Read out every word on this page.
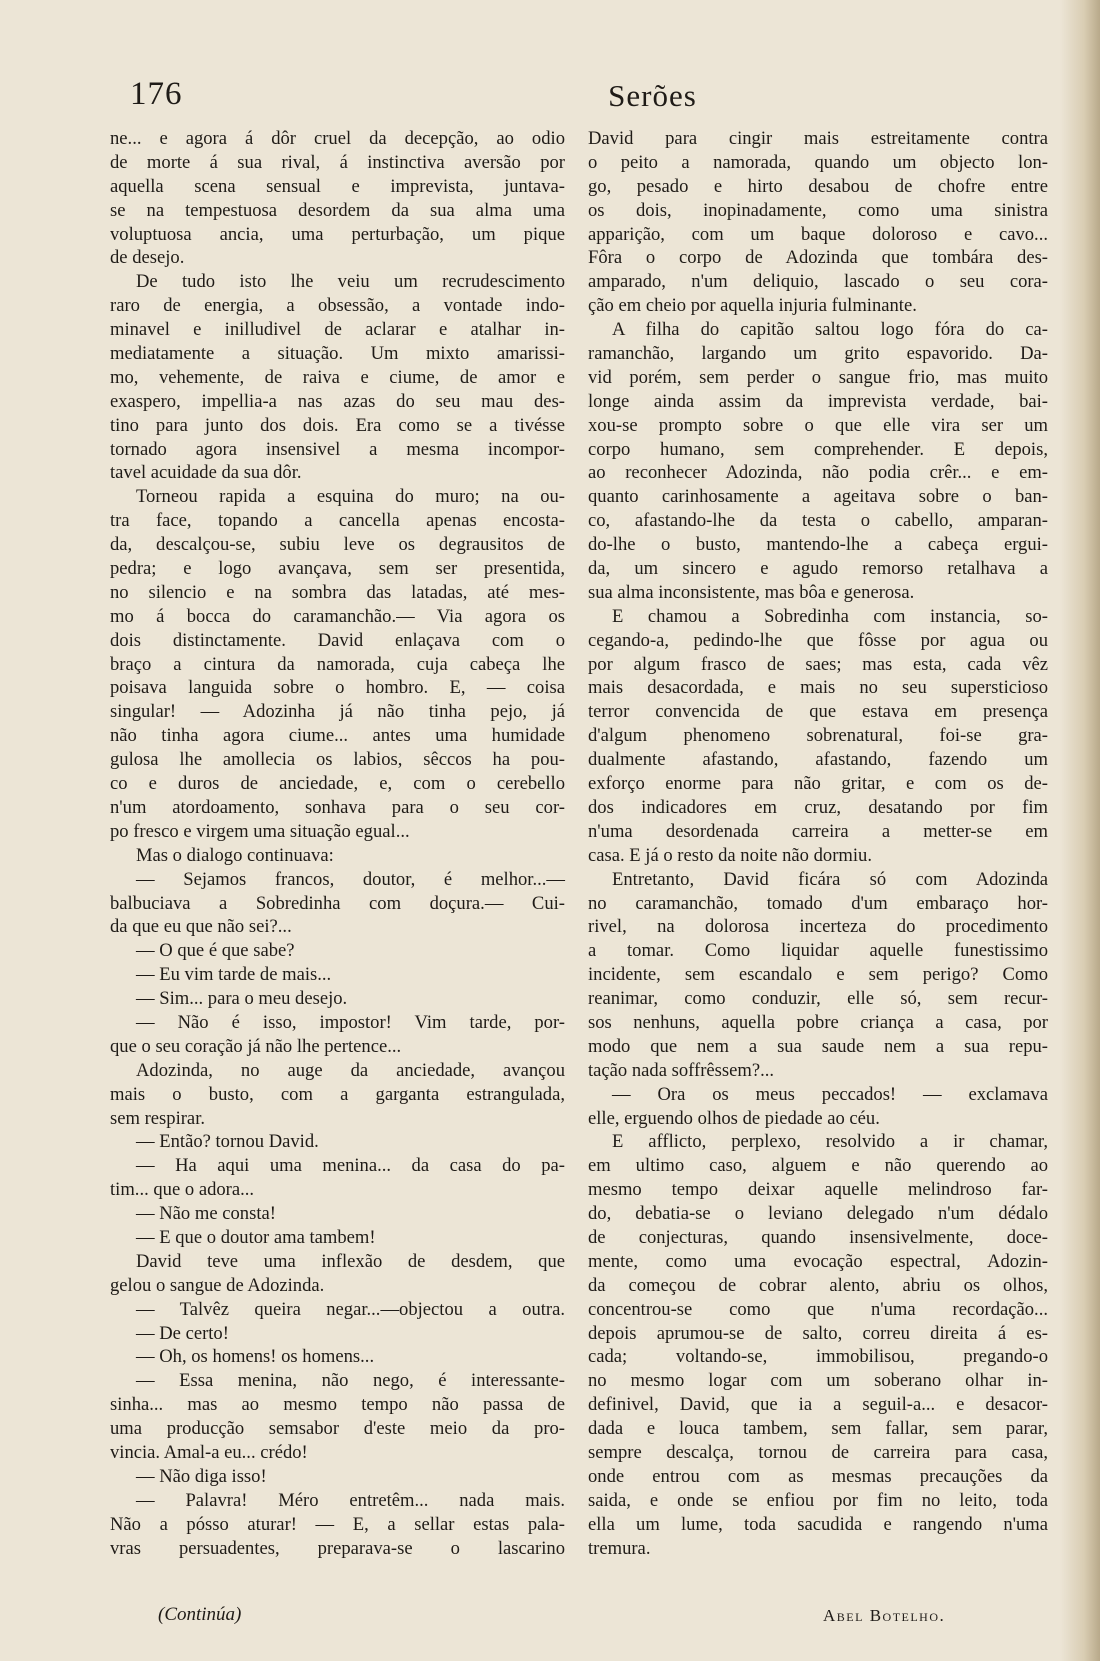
176	Serões
ne... e agora á dôr cruel da decepção, ao odio
de morte á sua rival, á instinctiva aversão por
aquella scena sensual e imprevista, juntava-
se na tempestuosa desordem da sua alma uma
voluptuosa ancia, uma perturbação, um pique
de desejo.
De tudo isto lhe veiu um recrudescimento
raro de energia, a obsessão, a vontade indo-
minavel e inilludivel de aclarar e atalhar in-
mediatamente a situação. Um mixto amarissi-
mo, vehemente, de raiva e ciume, de amor e
exaspero, impellia-a nas azas do seu mau des-
tino para junto dos dois. Era como se a tivésse
tornado agora insensivel a mesma incompor-
tavel acuidade da sua dôr.
Torneou rapida a esquina do muro; na ou-
tra face, topando a cancella apenas encosta-
da, descalçou-se, subiu leve os degrausitos de
pedra; e logo avançava, sem ser presentida,
no silencio e na sombra das latadas, até mes-
mo á bocca do caramanchão.— Via agora os
dois distinctamente. David enlaçava com o
braço a cintura da namorada, cuja cabeça lhe
poisava languida sobre o hombro. E, — coisa
singular! — Adozinha já não tinha pejo, já
não tinha agora ciume... antes uma humidade
gulosa lhe amollecia os labios, sêccos ha pou-
co e duros de anciedade, e, com o cerebello
n'um atordoamento, sonhava para o seu cor-
po fresco e virgem uma situação egual...
Mas o dialogo continuava:
— Sejamos francos, doutor, é melhor...—
balbuciava a Sobredinha com doçura.— Cui-
da que eu que não sei?...
— O que é que sabe?
— Eu vim tarde de mais...
— Sim... para o meu desejo.
— Não é isso, impostor! Vim tarde, por-
que o seu coração já não lhe pertence...
Adozinda, no auge da anciedade, avançou
mais o busto, com a garganta estrangulada,
sem respirar.
— Então? tornou David.
— Ha aqui uma menina... da casa do pa-
tim... que o adora...
— Não me consta!
— E que o doutor ama tambem!
David teve uma inflexão de desdem, que
gelou o sangue de Adozinda.
— Talvêz queira negar...—objectou a outra.
— De certo!
— Oh, os homens! os homens...
— Essa menina, não nego, é interessante-
sinha... mas ao mesmo tempo não passa de
uma producção semsabor d'este meio da pro-
vincia. Amal-a eu... crédo!
— Não diga isso!
— Palavra! Méro entretêm... nada mais.
Não a pósso aturar! — E, a sellar estas pala-
vras persuadentes, preparava-se o lascarino
David para cingir mais estreitamente contra
o peito a namorada, quando um objecto lon-
go, pesado e hirto desabou de chofre entre
os dois, inopinadamente, como uma sinistra
apparição, com um baque doloroso e cavo...
Fôra o corpo de Adozinda que tombára des-
amparado, n'um deliquio, lascado o seu cora-
ção em cheio por aquella injuria fulminante.
A filha do capitão saltou logo fóra do ca-
ramanchão, largando um grito espavorido. Da-
vid porém, sem perder o sangue frio, mas muito
longe ainda assim da imprevista verdade, bai-
xou-se prompto sobre o que elle vira ser um
corpo humano, sem comprehender. E depois,
ao reconhecer Adozinda, não podia crêr... e em-
quanto carinhosamente a ageitava sobre o ban-
co, afastando-lhe da testa o cabello, amparan-
do-lhe o busto, mantendo-lhe a cabeça ergui-
da, um sincero e agudo remorso retalhava a
sua alma inconsistente, mas bôa e generosa.
E chamou a Sobredinha com instancia, so-
cegando-a, pedindo-lhe que fôsse por agua ou
por algum frasco de saes; mas esta, cada vêz
mais desacordada, e mais no seu supersticioso
terror convencida de que estava em presença
d'algum phenomeno sobrenatural, foi-se gra-
dualmente afastando, afastando, fazendo um
exforço enorme para não gritar, e com os de-
dos indicadores em cruz, desatando por fim
n'uma desordenada carreira a metter-se em
casa. E já o resto da noite não dormiu.
Entretanto, David ficára só com Adozinda
no caramanchão, tomado d'um embaraço hor-
rivel, na dolorosa incerteza do procedimento
a tomar. Como liquidar aquelle funestissimo
incidente, sem escandalo e sem perigo? Como
reanimar, como conduzir, elle só, sem recur-
sos nenhuns, aquella pobre criança a casa, por
modo que nem a sua saude nem a sua repu-
tação nada soffrêssem?...
— Ora os meus peccados! — exclamava
elle, erguendo olhos de piedade ao céu.
E afflicto, perplexo, resolvido a ir chamar,
em ultimo caso, alguem e não querendo ao
mesmo tempo deixar aquelle melindroso far-
do, debatia-se o leviano delegado n'um dédalo
de conjecturas, quando insensivelmente, doce-
mente, como uma evocação espectral, Adozin-
da começou de cobrar alento, abriu os olhos,
concentrou-se como que n'uma recordação...
depois aprumou-se de salto, correu direita á es-
cada; voltando-se, immobilisou, pregando-o
no mesmo logar com um soberano olhar in-
definivel, David, que ia a seguil-a... e desacor-
dada e louca tambem, sem fallar, sem parar,
sempre descalça, tornou de carreira para casa,
onde entrou com as mesmas precauções da
saida, e onde se enfiou por fim no leito, toda
ella um lume, toda sacudida e rangendo n'uma
tremura.
(Continúa)	Abel Botelho.
